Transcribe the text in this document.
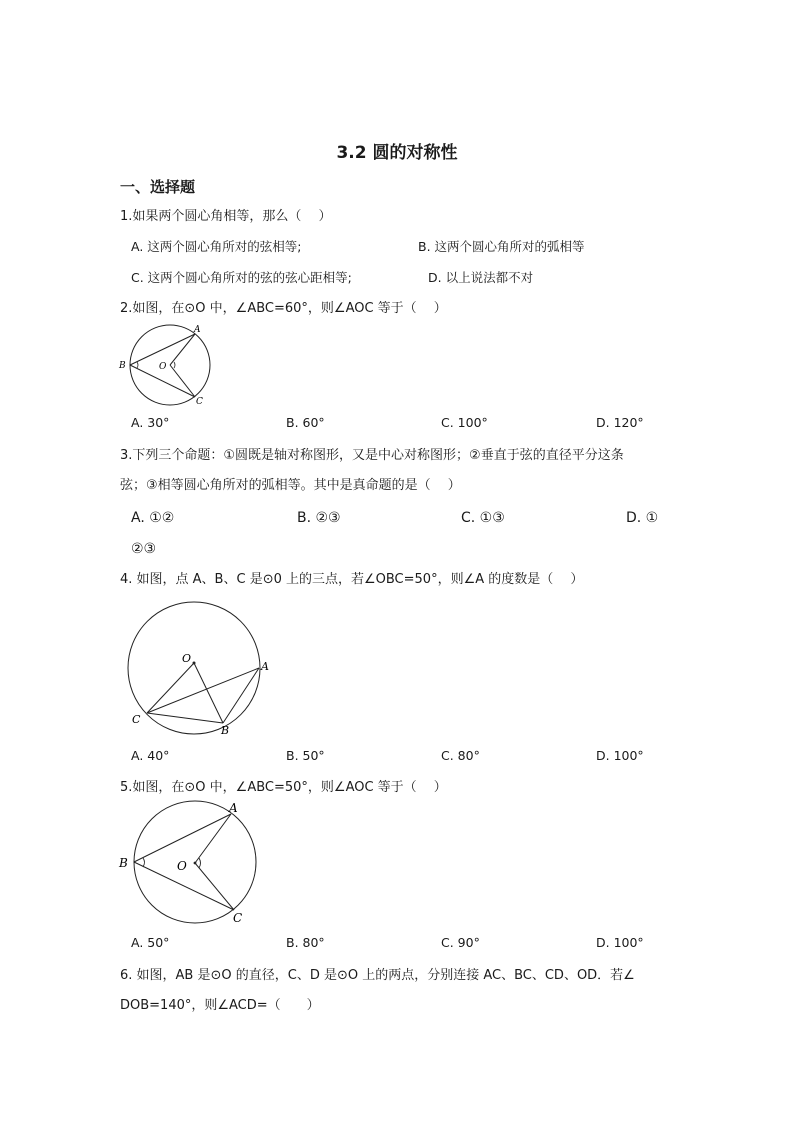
3.2 圆的对称性
一、选择题
1.如果两个圆心角相等，那么（　 ）
A. 这两个圆心角所对的弦相等;	B. 这两个圆心角所对的弧相等
C. 这两个圆心角所对的弦的弦心距相等;	D. 以上说法都不对
2.如图，在⊙O 中，∠ABC=60°，则∠AOC 等于（　 ）
A
B	O
C
A. 30°	B. 60°	C. 100°	D. 120°
3.下列三个命题：①圆既是轴对称图形，又是中心对称图形；②垂直于弦的直径平分这条
弦；③相等圆心角所对的弧相等。其中是真命题的是（　 ）
A. ①②	B. ②③	C. ①③	D. ①
②③
4. 如图，点 A、B、C 是⊙0 上的三点，若∠OBC=50°，则∠A 的度数是（　 ）
O
A
C
B
A. 40°	B. 50°	C. 80°	D. 100°
5.如图，在⊙O 中，∠ABC=50°，则∠AOC 等于（　 ）
A
B	O
C
A. 50°	B. 80°	C. 90°	D. 100°
6. 如图，AB 是⊙O 的直径，C、D 是⊙O 上的两点，分别连接 AC、BC、CD、OD．若∠
DOB=140°，则∠ACD=（　　）
